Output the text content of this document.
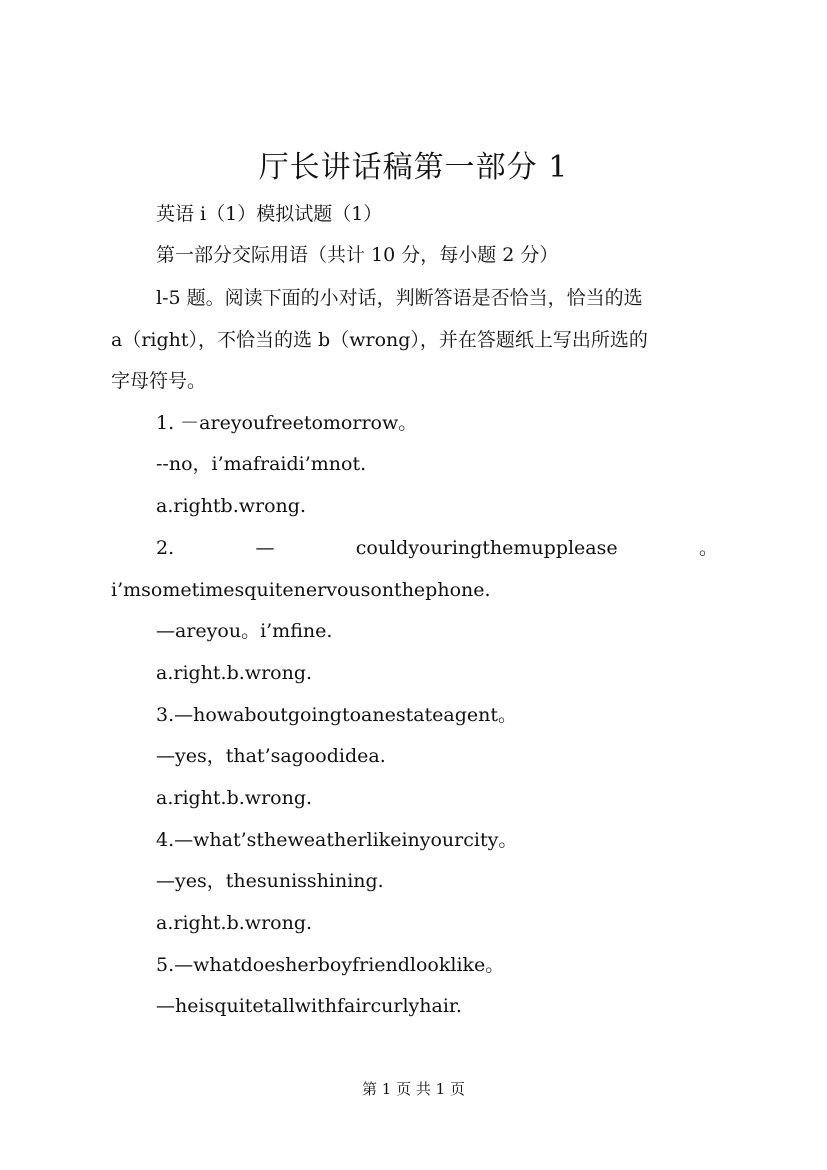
厅长讲话稿第一部分 1
英语 i（1）模拟试题（1）
第一部分交际用语（共计 10 分，每小题 2 分）
l-5 题。阅读下面的小对话，判断答语是否恰当，恰当的选
a（right），不恰当的选 b（wrong），并在答题纸上写出所选的
字母符号。
1. －areyoufreetomorrow。
--no，i’mafraidi’mnot.
a.rightb.wrong.
2.	—	couldyouringthemupplease	。
i’msometimesquitenervousonthephone.
—areyou。i’mfine.
a.right.b.wrong.
3.—howaboutgoingtoanestateagent。
—yes，that’sagoodidea.
a.right.b.wrong.
4.—what’stheweatherlikeinyourcity。
—yes，thesunisshining.
a.right.b.wrong.
5.—whatdoesherboyfriendlooklike。
—heisquitetallwithfaircurlyhair.
第 1 页 共 1 页
